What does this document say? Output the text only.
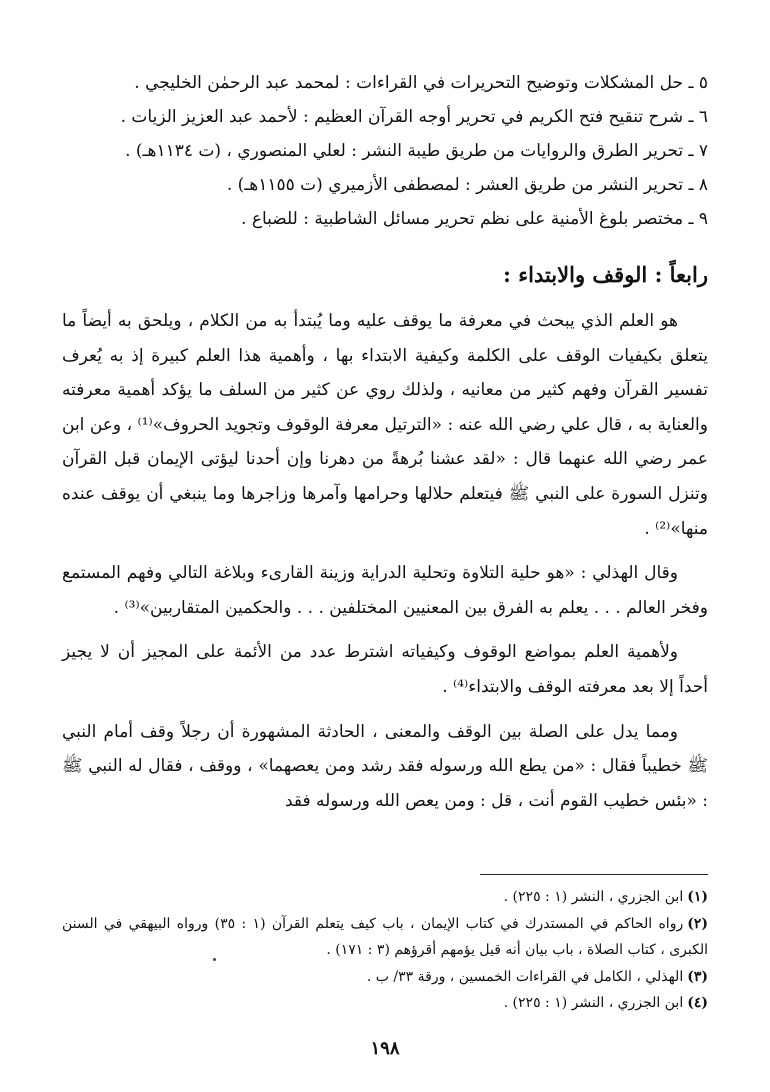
٥ ـ حل المشكلات وتوضيح التحريرات في القراءات : لمحمد عبد الرحمٰن الخليجي .
٦ ـ شرح تنقيح فتح الكريم في تحرير أوجه القرآن العظيم : لأحمد عبد العزيز الزيات .
٧ ـ تحرير الطرق والروايات من طريق طيبة النشر : لعلي المنصوري ، (ت ١١٣٤هـ) .
٨ ـ تحرير النشر من طريق العشر : لمصطفى الأزميري (ت ١١٥٥هـ) .
٩ ـ مختصر بلوغ الأمنية على نظم تحرير مسائل الشاطبية : للضباع .
رابعاً : الوقف والابتداء :

هو العلم الذي يبحث في معرفة ما يوقف عليه وما يُبتدأ به من الكلام ، ويلحق به أيضاً ما يتعلق بكيفيات الوقف على الكلمة وكيفية الابتداء بها ، وأهمية هذا العلم كبيرة إذ به يُعرف تفسير القرآن وفهم كثير من معانيه ، ولذلك روي عن كثير من السلف ما يؤكد أهمية معرفته والعناية به ، قال علي رضي الله عنه : «الترتيل معرفة الوقوف وتجويد الحروف»⁽¹⁾ ، وعن ابن عمر رضي الله عنهما قال : «لقد عشنا بُرهةً من دهرنا وإن أحدنا ليؤتى الإيمان قبل القرآن وتنزل السورة على النبي ﷺ فيتعلم حلالها وحرامها وآمرها وزاجرها وما ينبغي أن يوقف عنده منها»⁽²⁾ .

وقال الهذلي : «هو حلية التلاوة وتحلية الدراية وزينة القارىء وبلاغة التالي وفهم المستمع وفخر العالم . . . يعلم به الفرق بين المعنيين المختلفين . . . والحكمين المتقاربين»⁽³⁾ .

ولأهمية العلم بمواضع الوقوف وكيفياته اشترط عدد من الأئمة على المجيز أن لا يجيز أحداً إلا بعد معرفته الوقف والابتداء⁽⁴⁾ .

ومما يدل على الصلة بين الوقف والمعنى ، الحادثة المشهورة أن رجلاً وقف أمام النبي ﷺ خطيباً فقال : «من يطع الله ورسوله فقد رشد ومن يعصهما» ، ووقف ، فقال له النبي ﷺ : «بئس خطيب القوم أنت ، قل : ومن يعص الله ورسوله فقد

(١)ابن الجزري ، النشر (١ : ٢٢٥) .
(٢)رواه الحاكم في المستدرك في كتاب الإيمان ، باب كيف يتعلم القرآن (١ : ٣٥) ورواه البيهقي في السنن الكبرى ، كتاب الصلاة ، باب بيان أنه قيل يؤمهم أقرؤهم (٣ : ١٧١) .
(٣)الهذلي ، الكامل في القراءات الخمسين ، ورقة ٣٣/ ب .
(٤)ابن الجزري ، النشر (١ : ٢٢٥) .
١٩٨
